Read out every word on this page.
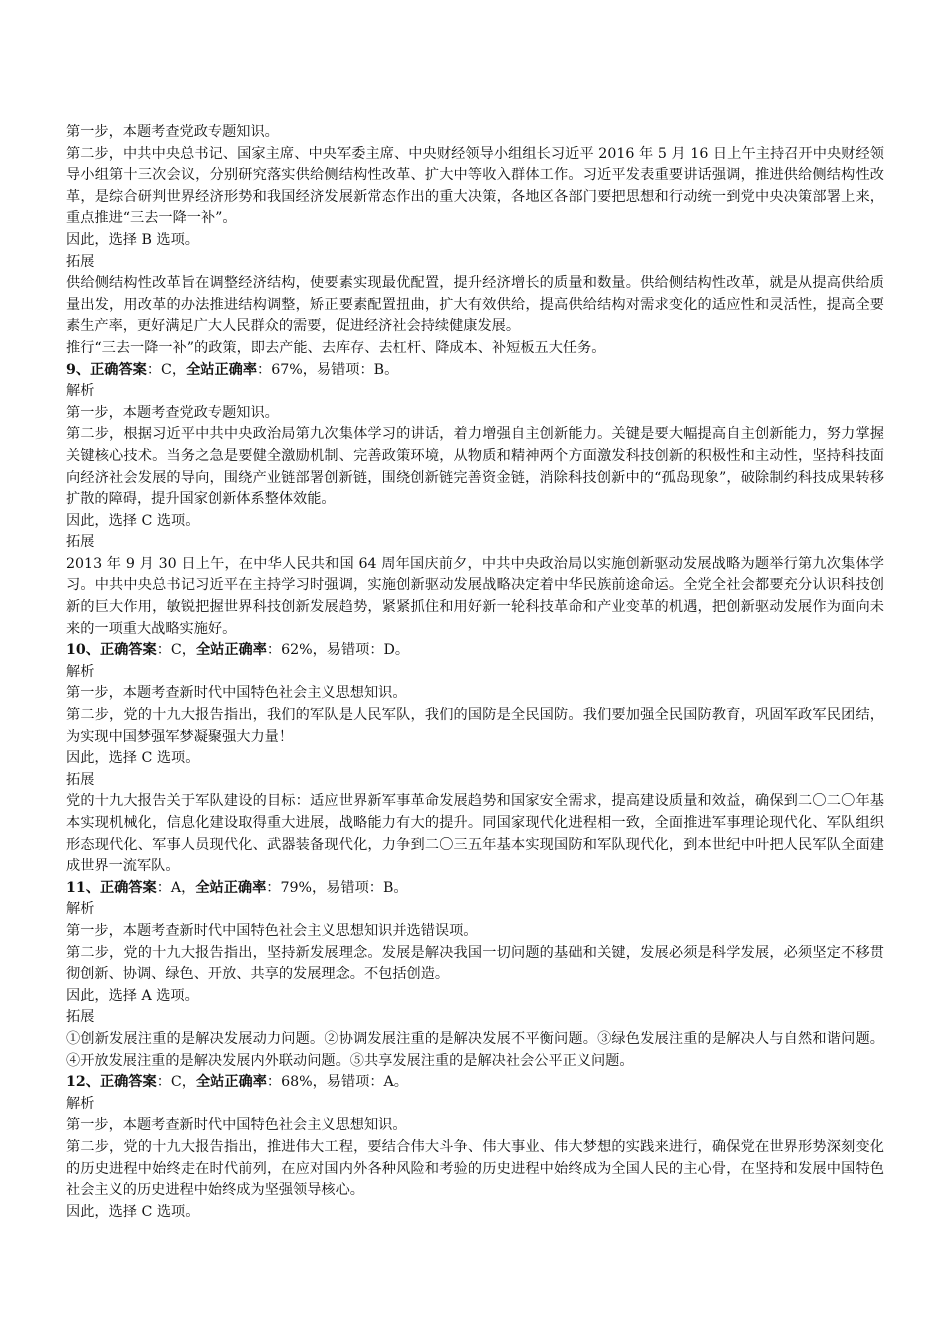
第一步，本题考查党政专题知识。

第二步，中共中央总书记、国家主席、中央军委主席、中央财经领导小组组长习近平 2016 年 5 月 16 日上午主持召开中央财经领导小组第十三次会议，分别研究落实供给侧结构性改革、扩大中等收入群体工作。习近平发表重要讲话强调，推进供给侧结构性改革，是综合研判世界经济形势和我国经济发展新常态作出的重大决策，各地区各部门要把思想和行动统一到党中央决策部署上来，重点推进“三去一降一补”。

因此，选择 B 选项。

拓展

供给侧结构性改革旨在调整经济结构，使要素实现最优配置，提升经济增长的质量和数量。供给侧结构性改革，就是从提高供给质量出发，用改革的办法推进结构调整，矫正要素配置扭曲，扩大有效供给，提高供给结构对需求变化的适应性和灵活性，提高全要素生产率，更好满足广大人民群众的需要，促进经济社会持续健康发展。

推行“三去一降一补”的政策，即去产能、去库存、去杠杆、降成本、补短板五大任务。

9、正确答案：C，全站正确率：67%，易错项：B。

解析

第一步，本题考查党政专题知识。

第二步，根据习近平中共中央政治局第九次集体学习的讲话，着力增强自主创新能力。关键是要大幅提高自主创新能力，努力掌握关键核心技术。当务之急是要健全激励机制、完善政策环境，从物质和精神两个方面激发科技创新的积极性和主动性，坚持科技面向经济社会发展的导向，围绕产业链部署创新链，围绕创新链完善资金链，消除科技创新中的“孤岛现象”，破除制约科技成果转移扩散的障碍，提升国家创新体系整体效能。

因此，选择 C 选项。

拓展

2013 年 9 月 30 日上午，在中华人民共和国 64 周年国庆前夕，中共中央政治局以实施创新驱动发展战略为题举行第九次集体学习。中共中央总书记习近平在主持学习时强调，实施创新驱动发展战略决定着中华民族前途命运。全党全社会都要充分认识科技创新的巨大作用，敏锐把握世界科技创新发展趋势，紧紧抓住和用好新一轮科技革命和产业变革的机遇，把创新驱动发展作为面向未来的一项重大战略实施好。

10、正确答案：C，全站正确率：62%，易错项：D。

解析

第一步，本题考查新时代中国特色社会主义思想知识。

第二步，党的十九大报告指出，我们的军队是人民军队，我们的国防是全民国防。我们要加强全民国防教育，巩固军政军民团结，为实现中国梦强军梦凝聚强大力量！

因此，选择 C 选项。

拓展

党的十九大报告关于军队建设的目标：适应世界新军事革命发展趋势和国家安全需求，提高建设质量和效益，确保到二〇二〇年基本实现机械化，信息化建设取得重大进展，战略能力有大的提升。同国家现代化进程相一致，全面推进军事理论现代化、军队组织形态现代化、军事人员现代化、武器装备现代化，力争到二〇三五年基本实现国防和军队现代化，到本世纪中叶把人民军队全面建成世界一流军队。

11、正确答案：A，全站正确率：79%，易错项：B。

解析

第一步，本题考查新时代中国特色社会主义思想知识并选错误项。

第二步，党的十九大报告指出，坚持新发展理念。发展是解决我国一切问题的基础和关键，发展必须是科学发展，必须坚定不移贯彻创新、协调、绿色、开放、共享的发展理念。不包括创造。

因此，选择 A 选项。

拓展

①创新发展注重的是解决发展动力问题。②协调发展注重的是解决发展不平衡问题。③绿色发展注重的是解决人与自然和谐问题。④开放发展注重的是解决发展内外联动问题。⑤共享发展注重的是解决社会公平正义问题。

12、正确答案：C，全站正确率：68%，易错项：A。

解析

第一步，本题考查新时代中国特色社会主义思想知识。

第二步，党的十九大报告指出，推进伟大工程，要结合伟大斗争、伟大事业、伟大梦想的实践来进行，确保党在世界形势深刻变化的历史进程中始终走在时代前列，在应对国内外各种风险和考验的历史进程中始终成为全国人民的主心骨，在坚持和发展中国特色社会主义的历史进程中始终成为坚强领导核心。

因此，选择 C 选项。
